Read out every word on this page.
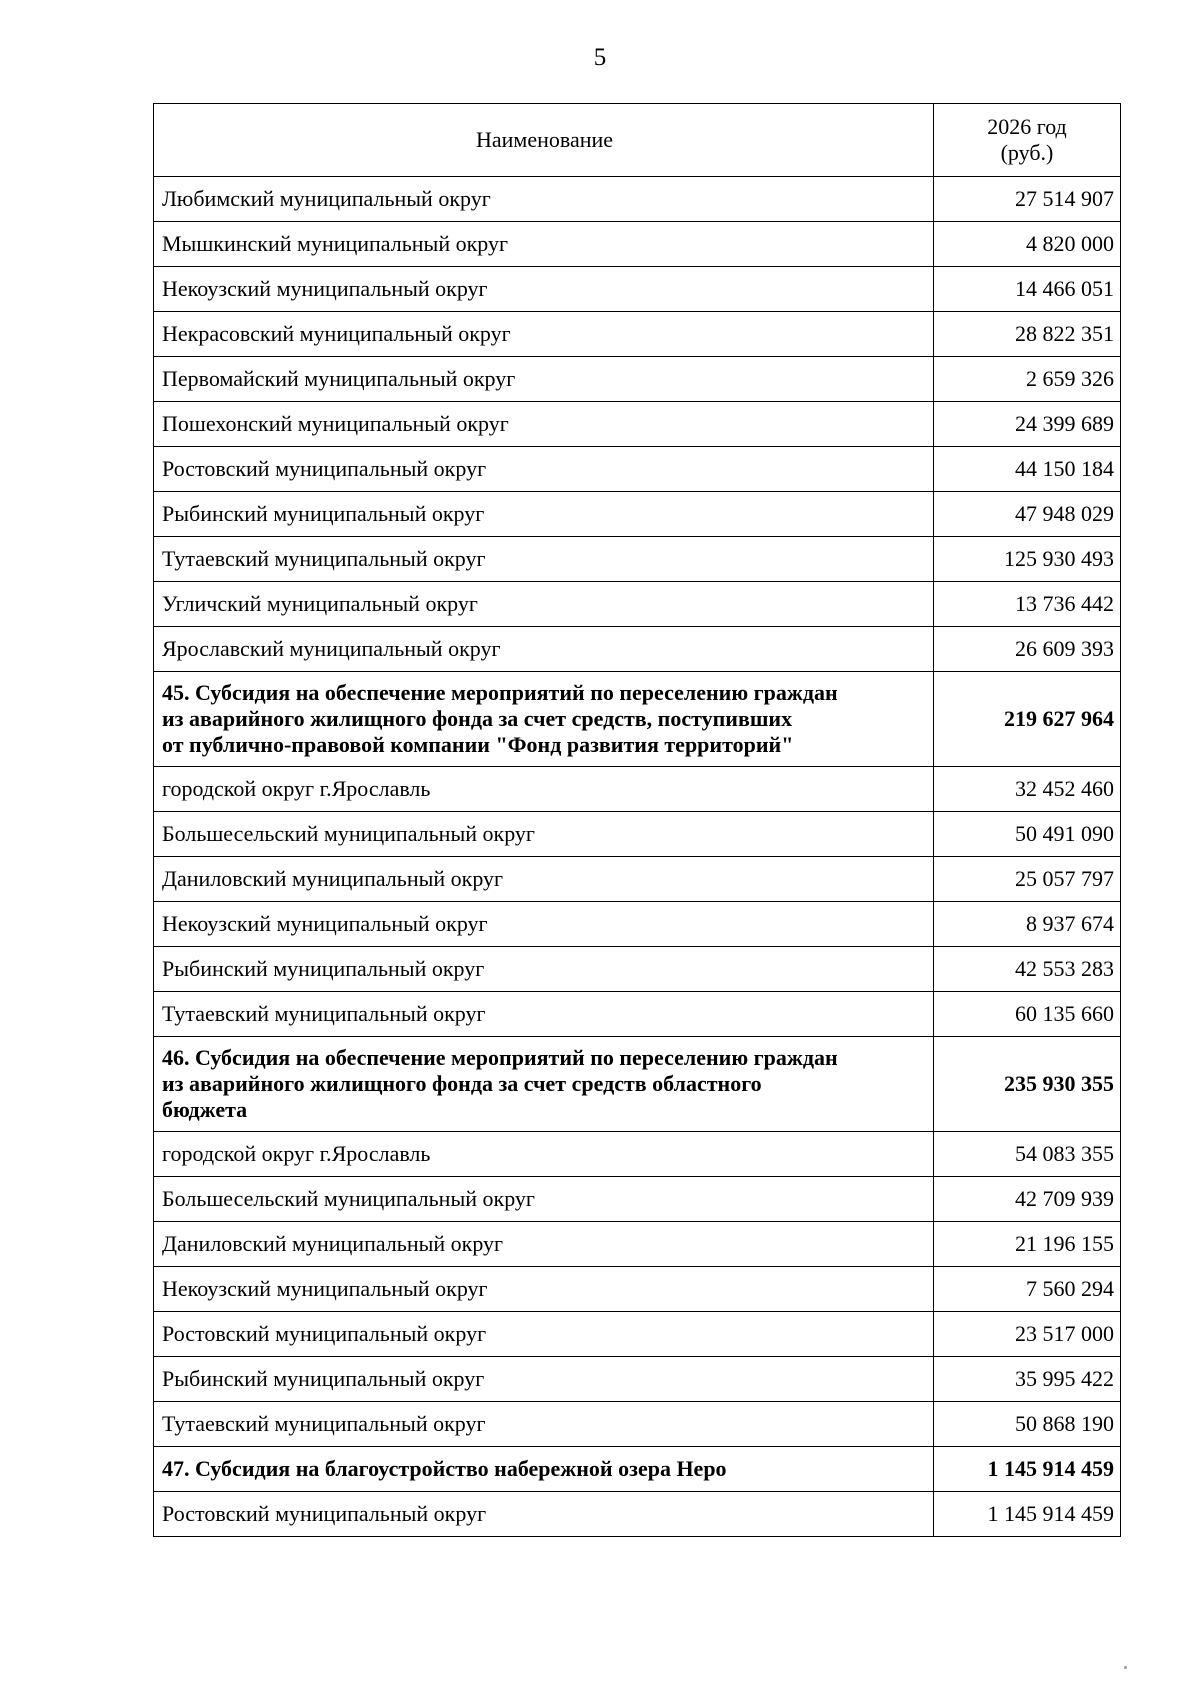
5
Наименование	2026 год
(руб.)
Любимский муниципальный округ	27 514 907
Мышкинский муниципальный округ	4 820 000
Некоузский муниципальный округ	14 466 051
Некрасовский муниципальный округ	28 822 351
Первомайский муниципальный округ	2 659 326
Пошехонский муниципальный округ	24 399 689
Ростовский муниципальный округ	44 150 184
Рыбинский муниципальный округ	47 948 029
Тутаевский муниципальный округ	125 930 493
Угличский муниципальный округ	13 736 442
Ярославский муниципальный округ	26 609 393
45. Субсидия на обеспечение мероприятий по переселению граждан
из аварийного жилищного фонда за счет средств, поступивших
от публично-правовой компании "Фонд развития территорий"	219 627 964
городской округ г.Ярославль	32 452 460
Большесельский муниципальный округ	50 491 090
Даниловский муниципальный округ	25 057 797
Некоузский муниципальный округ	8 937 674
Рыбинский муниципальный округ	42 553 283
Тутаевский муниципальный округ	60 135 660
46. Субсидия на обеспечение мероприятий по переселению граждан
из аварийного жилищного фонда за счет средств областного
бюджета	235 930 355
городской округ г.Ярославль	54 083 355
Большесельский муниципальный округ	42 709 939
Даниловский муниципальный округ	21 196 155
Некоузский муниципальный округ	7 560 294
Ростовский муниципальный округ	23 517 000
Рыбинский муниципальный округ	35 995 422
Тутаевский муниципальный округ	50 868 190
47. Субсидия на благоустройство набережной озера Неро	1 145 914 459
Ростовский муниципальный округ	1 145 914 459
